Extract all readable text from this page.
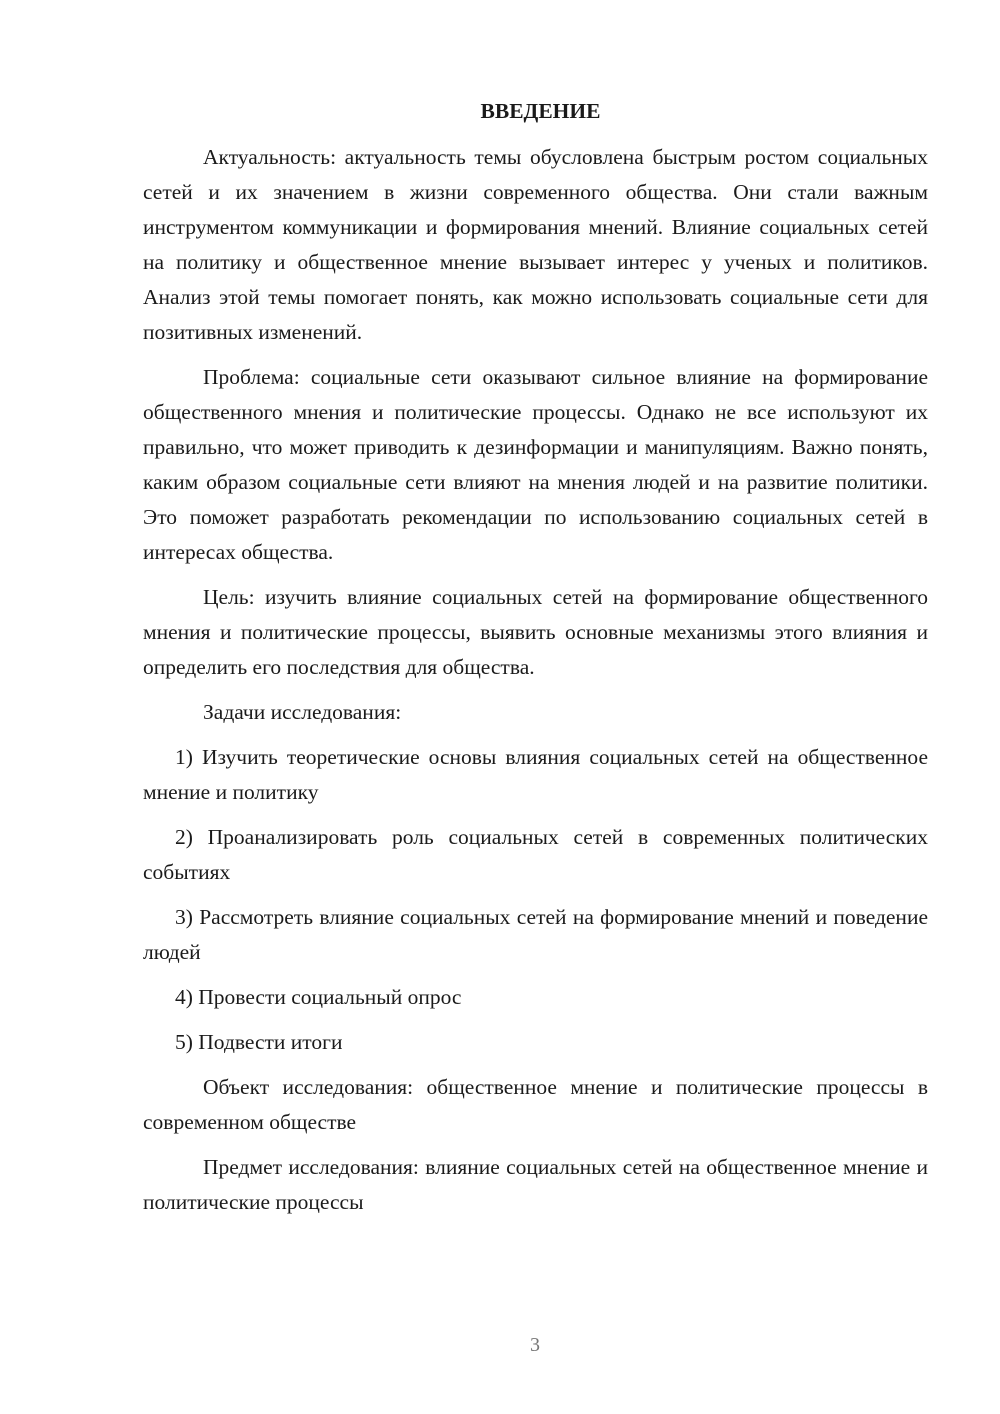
ВВЕДЕНИЕ

Актуальность: актуальность темы обусловлена быстрым ростом социальных сетей и их значением в жизни современного общества. Они стали важным инструментом коммуникации и формирования мнений. Влияние социальных сетей на политику и общественное мнение вызывает интерес у ученых и политиков. Анализ этой темы помогает понять, как можно использовать социальные сети для позитивных изменений.

Проблема: социальные сети оказывают сильное влияние на формирование общественного мнения и политические процессы. Однако не все используют их правильно, что может приводить к дезинформации и манипуляциям. Важно понять, каким образом социальные сети влияют на мнения людей и на развитие политики. Это поможет разработать рекомендации по использованию социальных сетей в интересах общества.

Цель: изучить влияние социальных сетей на формирование общественного мнения и политические процессы, выявить основные механизмы этого влияния и определить его последствия для общества.

Задачи исследования:

1) Изучить теоретические основы влияния социальных сетей на общественное мнение и политику

2) Проанализировать роль социальных сетей в современных политических событиях

3) Рассмотреть влияние социальных сетей на формирование мнений и поведение людей

4) Провести социальный опрос

5) Подвести итоги

Объект исследования: общественное мнение и политические процессы в современном обществе

Предмет исследования: влияние социальных сетей на общественное мнение и политические процессы

3
